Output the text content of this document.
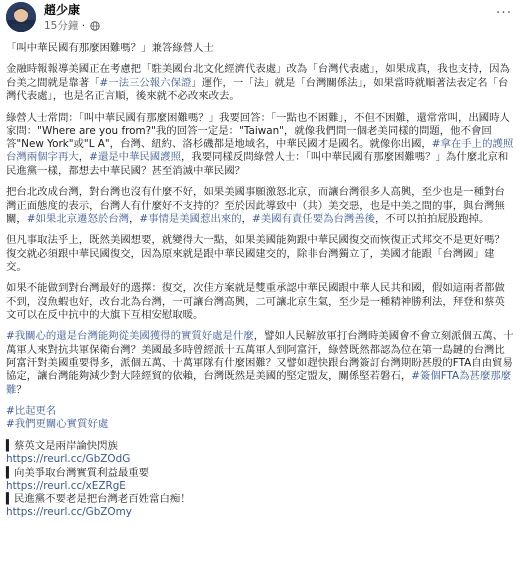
趙少康
15分鐘 ·
···

「叫中華民國有那麼困難嗎？」兼答綠營人士

金融時報報導美國正在考慮把「駐美國台北文化經濟代表處」改為「台灣代表處」，如果成真，我也支持，因為台美之間就是靠著「#一法三公報六保證」運作，一「法」就是「台灣關係法」，如果當時就順著法表定名「台灣代表處」，也是名正言順，後來就不必改來改去。

綠營人士常問：「叫中華民國有那麼困難嗎？」我要回答：「一點也不困難」，不但不困難，還常常叫，出國時人家問："Where are you from?"我的回答一定是："Taiwan"，就像我們問一個老美同樣的問題，他不會回答"New York"或"L A"，台灣、紐約、洛杉磯都是地域名，中華民國才是國名。就像你出國，#拿在手上的護照台灣兩個字再大，#還是中華民國護照，我要同樣反問綠營人士：「叫中華民國有那麼困難嗎？」為什麼北京和民進黨一樣，都想去中華民國？甚至消滅中華民國？

把台北改成台灣，對台灣也沒有什麼不好，如果美國事願激怒北京，而讓台灣很多人高興，至少也是一種對台灣正面態度的表示，台灣人有什麼好不支持的？至於因此導致中（共）美交惡，也是中美之間的事，與台灣無關，#如果北京遷怒於台灣，#事情是美國惹出來的，#美國有責任要為台灣善後，不可以拍拍屁股跑掉。

但凡事取法乎上，既然美國想要，就變得大一點，如果美國能夠跟中華民國復交而恢復正式邦交不是更好嗎？復交就必須跟中華民國復交，因為原來就是跟中華民國建交的，除非台灣獨立了，美國才能跟「台灣國」建交。

如果不能做到對台灣最好的選擇：復交，次佳方案就是雙重承認中華民國跟中華人民共和國，假如這兩者都做不到，沒魚蝦也好，改台北為台灣，一可讓台灣高興，二可讓北京生氣，至少是一種精神勝利法，拜登和蔡英文可以在反中抗中的大旗下互相安慰取暖。

#我關心的還是台灣能夠從美國獲得的實質好處是什麼，譬如人民解放軍打台灣時美國會不會立刻派個五萬、十萬軍人來對抗共軍保衛台灣？美國最多時曾經派十五萬軍人到阿富汗，綠營既然都認為位在第一島鏈的台灣比阿富汗對美國重要得多，派個五萬、十萬軍隊有什麼困難？又譬如趕快跟台灣簽訂台灣期盼甚殷的FTA自由貿易協定，讓台灣能夠減少對大陸經貿的依賴，台灣既然是美國的堅定盟友，關係堅若磐石，#簽個FTA為甚麼那麼難？

#比起更名
#我們更關心實質好處

▍蔡英文是兩岸論快閃族
https://reurl.cc/GbZOdG
▍向美爭取台灣實質利益最重要
https://reurl.cc/xEZRgE
▍民進黨不要老是把台灣老百姓當白痴！
https://reurl.cc/GbZOmy
